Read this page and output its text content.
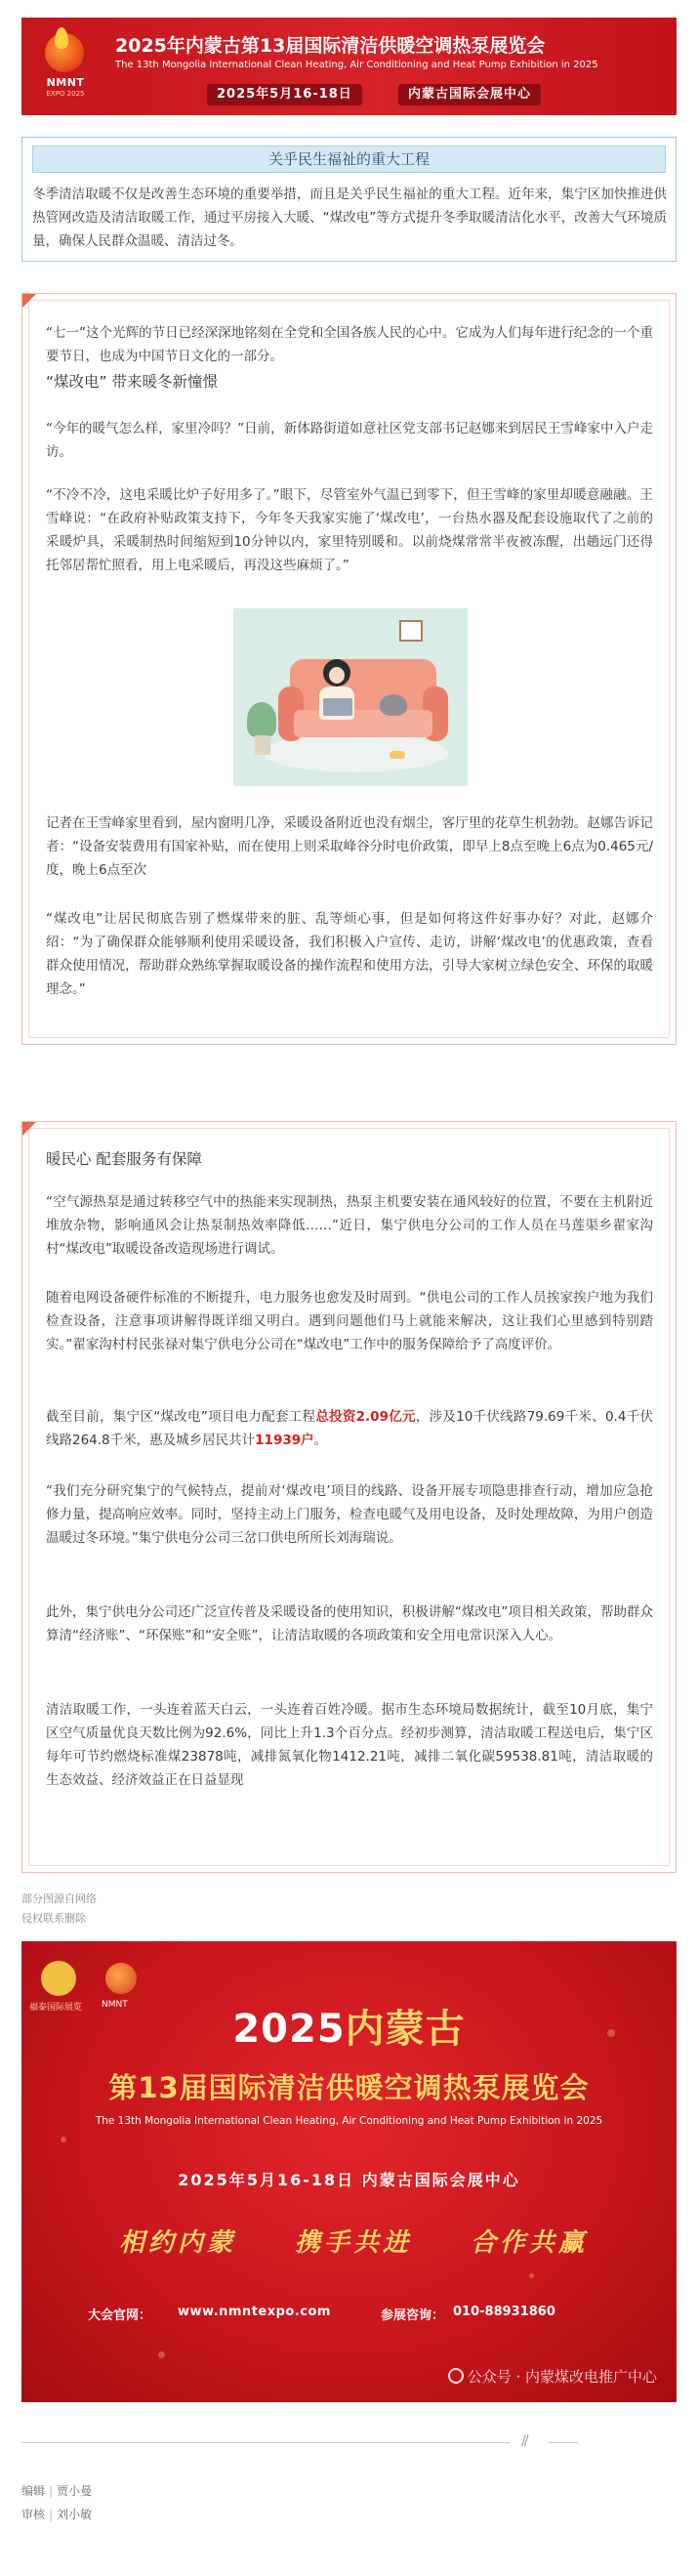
NMNT
EXPO 2025
2025年内蒙古第13届国际清洁供暖空调热泵展览会
The 13th Mongolia International Clean Heating, Air Conditioning and Heat Pump Exhibition in 2025
2025年5月16-18日	内蒙古国际会展中心
关乎民生福祉的重大工程
冬季清洁取暖不仅是改善生态环境的重要举措，而且是关乎民生福祉的重大工程。近年来，集宁区加快推进供热管网改造及清洁取暖工作，通过平房接入大暖、“煤改电”等方式提升冬季取暖清洁化水平，改善大气环境质量，确保人民群众温暖、清洁过冬。
“七一”这个光辉的节日已经深深地铭刻在全党和全国各族人民的心中。它成为人们每年进行纪念的一个重要节日，也成为中国节日文化的一部分。
“煤改电” 带来暖冬新憧憬
“今年的暖气怎么样，家里冷吗？”日前，新体路街道如意社区党支部书记赵娜来到居民王雪峰家中入户走访。
“不冷不冷，这电采暖比炉子好用多了。”眼下，尽管室外气温已到零下，但王雪峰的家里却暖意融融。王雪峰说：“在政府补贴政策支持下，今年冬天我家实施了‘煤改电’，一台热水器及配套设施取代了之前的采暖炉具，采暖制热时间缩短到10分钟以内，家里特别暖和。以前烧煤常常半夜被冻醒，出趟远门还得托邻居帮忙照看，用上电采暖后，再没这些麻烦了。”
记者在王雪峰家里看到，屋内窗明几净，采暖设备附近也没有烟尘，客厅里的花草生机勃勃。赵娜告诉记者：“设备安装费用有国家补贴，而在使用上则采取峰谷分时电价政策，即早上8点至晚上6点为0.465元/度，晚上6点至次
“煤改电”让居民彻底告别了燃煤带来的脏、乱等烦心事，但是如何将这件好事办好？对此，赵娜介绍：“为了确保群众能够顺利使用采暖设备，我们积极入户宣传、走访，讲解‘煤改电’的优惠政策，查看群众使用情况，帮助群众熟练掌握取暖设备的操作流程和使用方法，引导大家树立绿色安全、环保的取暖理念。”
暖民心 配套服务有保障
“空气源热泵是通过转移空气中的热能来实现制热，热泵主机要安装在通风较好的位置，不要在主机附近堆放杂物，影响通风会让热泵制热效率降低……”近日，集宁供电分公司的工作人员在马莲渠乡翟家沟村“煤改电”取暖设备改造现场进行调试。
随着电网设备硬件标准的不断提升，电力服务也愈发及时周到。“供电公司的工作人员挨家挨户地为我们检查设备，注意事项讲解得既详细又明白。遇到问题他们马上就能来解决，这让我们心里感到特别踏实。”翟家沟村村民张禄对集宁供电分公司在“煤改电”工作中的服务保障给予了高度评价。
截至目前，集宁区“煤改电”项目电力配套工程总投资2.09亿元，涉及10千伏线路79.69千米、0.4千伏线路264.8千米，惠及城乡居民共计11939户。
“我们充分研究集宁的气候特点，提前对‘煤改电’项目的线路、设备开展专项隐患排查行动，增加应急抢修力量，提高响应效率。同时，坚持主动上门服务，检查电暖气及用电设备，及时处理故障，为用户创造温暖过冬环境。”集宁供电分公司三岔口供电所所长刘海瑞说。
此外，集宁供电分公司还广泛宣传普及采暖设备的使用知识，积极讲解“煤改电”项目相关政策，帮助群众算清“经济账”、“环保账”和“安全账”，让清洁取暖的各项政策和安全用电常识深入人心。
清洁取暖工作，一头连着蓝天白云，一头连着百姓冷暖。据市生态环境局数据统计，截至10月底，集宁区空气质量优良天数比例为92.6%，同比上升1.3个百分点。经初步测算，清洁取暖工程送电后，集宁区每年可节约燃烧标准煤23878吨，减排氮氧化物1412.21吨，减排二氧化碳59538.81吨，清洁取暖的生态效益、经济效益正在日益显现
部分图源自网络
侵权联系删除
福泰国际展览 NMNT
2025内蒙古
第13届国际清洁供暖空调热泵展览会
The 13th Mongolia International Clean Heating, Air Conditioning and Heat Pump Exhibition in 2025
2025年5月16-18日 内蒙古国际会展中心
相约内蒙 携手共进 合作共赢
大会官网： www.nmntexpo.com	参展咨询： 010-88931860
公众号 · 内蒙煤改电推广中心
//
编辑 | 贾小曼
审核 | 刘小敏
